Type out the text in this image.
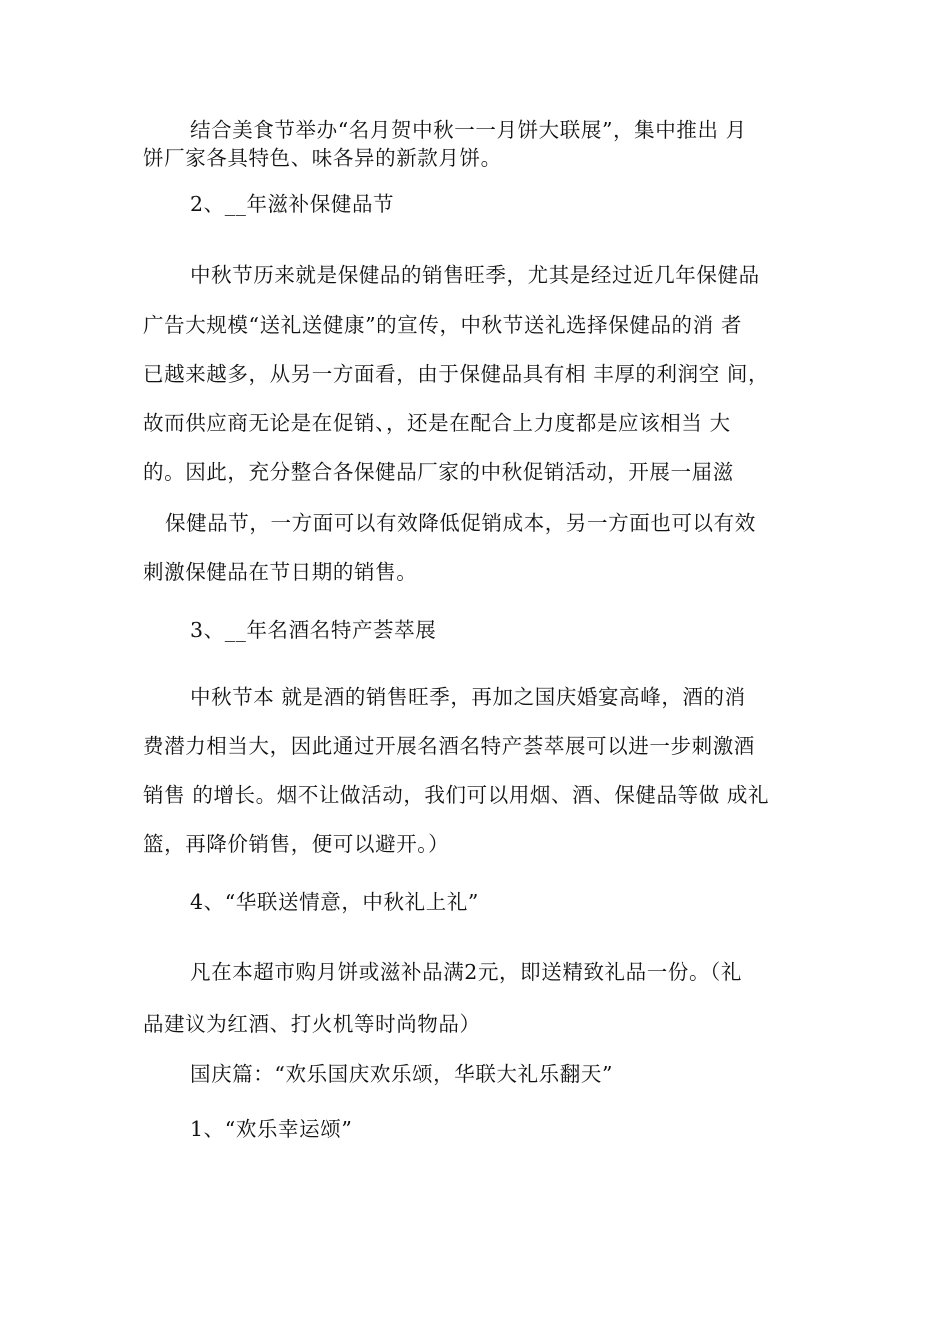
结合美食节举办“名月贺中秋一一月饼大联展”，集中推出 月
饼厂家各具特色、味各异的新款月饼。
2、__年滋补保健品节
中秋节历来就是保健品的销售旺季，尤其是经过近几年保健品
广告大规模“送礼送健康”的宣传，中秋节送礼选择保健品的消 者
已越来越多，从另一方面看，由于保健品具有相 丰厚的利润空 间，
故而供应商无论是在促销、，还是在配合上力度都是应该相当 大
的。因此，充分整合各保健品厂家的中秋促销活动，开展一届滋
保健品节，一方面可以有效降低促销成本，另一方面也可以有效
刺激保健品在节日期的销售。
3、__年名酒名特产荟萃展
中秋节本 就是酒的销售旺季，再加之国庆婚宴高峰，酒的消
费潜力相当大，因此通过开展名酒名特产荟萃展可以进一步刺激酒
销售 的增长。烟不让做活动，我们可以用烟、酒、保健品等做 成礼
篮，再降价销售，便可以避开。）
4、“华联送情意，中秋礼上礼”
凡在本超市购月饼或滋补品满2元，即送精致礼品一份。（礼
品建议为红酒、打火机等时尚物品）
国庆篇：“欢乐国庆欢乐颂，华联大礼乐翻天”
1、“欢乐幸运颂”
